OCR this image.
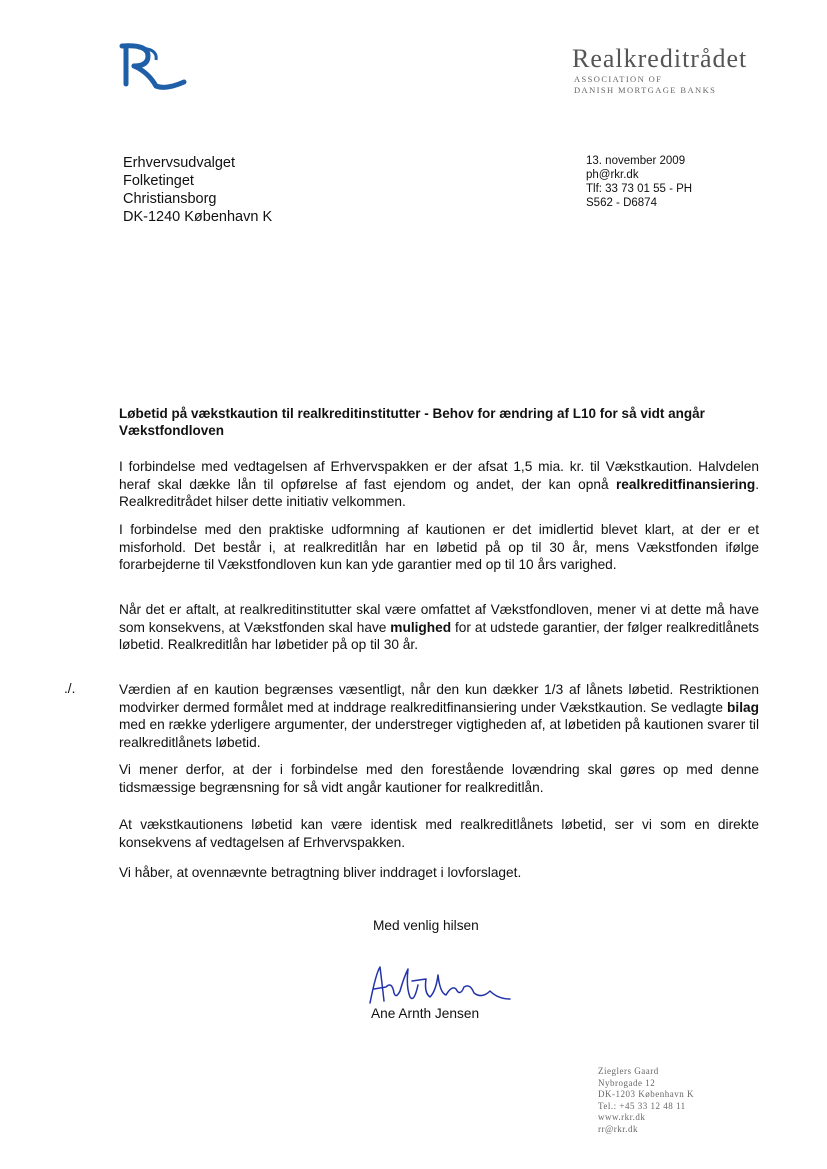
Realkreditrådet
ASSOCIATION OF
DANISH MORTGAGE BANKS
Erhvervsudvalget
Folketinget
Christiansborg
DK-1240 København K
13. november 2009
ph@rkr.dk
Tlf: 33 73 01 55 - PH
S562 - D6874
Løbetid på vækstkaution til realkreditinstitutter - Behov for ændring af L10 for så vidt angår Vækstfondloven
I forbindelse med vedtagelsen af Erhvervspakken er der afsat 1,5 mia. kr. til Vækstkaution. Halvdelen heraf skal dække lån til opførelse af fast ejendom og andet, der kan opnå realkreditfinansiering. Realkreditrådet hilser dette initiativ velkommen.
I forbindelse med den praktiske udformning af kautionen er det imidlertid blevet klart, at der er et misforhold. Det består i, at realkreditlån har en løbetid på op til 30 år, mens Vækstfonden ifølge forarbejderne til Vækstfondloven kun kan yde garantier med op til 10 års varighed.
Når det er aftalt, at realkreditinstitutter skal være omfattet af Vækstfondloven, mener vi at dette må have som konsekvens, at Vækstfonden skal have mulighed for at udstede garantier, der følger realkreditlånets løbetid. Realkreditlån har løbetider på op til 30 år.
./.	Værdien af en kaution begrænses væsentligt, når den kun dækker 1/3 af lånets løbetid. Restriktionen modvirker dermed formålet med at inddrage realkreditfinansiering under Vækstkaution. Se vedlagte bilag med en række yderligere argumenter, der understreger vigtigheden af, at løbetiden på kautionen svarer til realkreditlånets løbetid.
Vi mener derfor, at der i forbindelse med den forestående lovændring skal gøres op med denne tidsmæssige begrænsning for så vidt angår kautioner for realkreditlån.
At vækstkautionens løbetid kan være identisk med realkreditlånets løbetid, ser vi som en direkte konsekvens af vedtagelsen af Erhvervspakken.
Vi håber, at ovennævnte betragtning bliver inddraget i lovforslaget.
Med venlig hilsen
Ane Arnth Jensen
Zieglers Gaard
Nybrogade 12
DK-1203 København K
Tel.: +45 33 12 48 11
www.rkr.dk
rr@rkr.dk
